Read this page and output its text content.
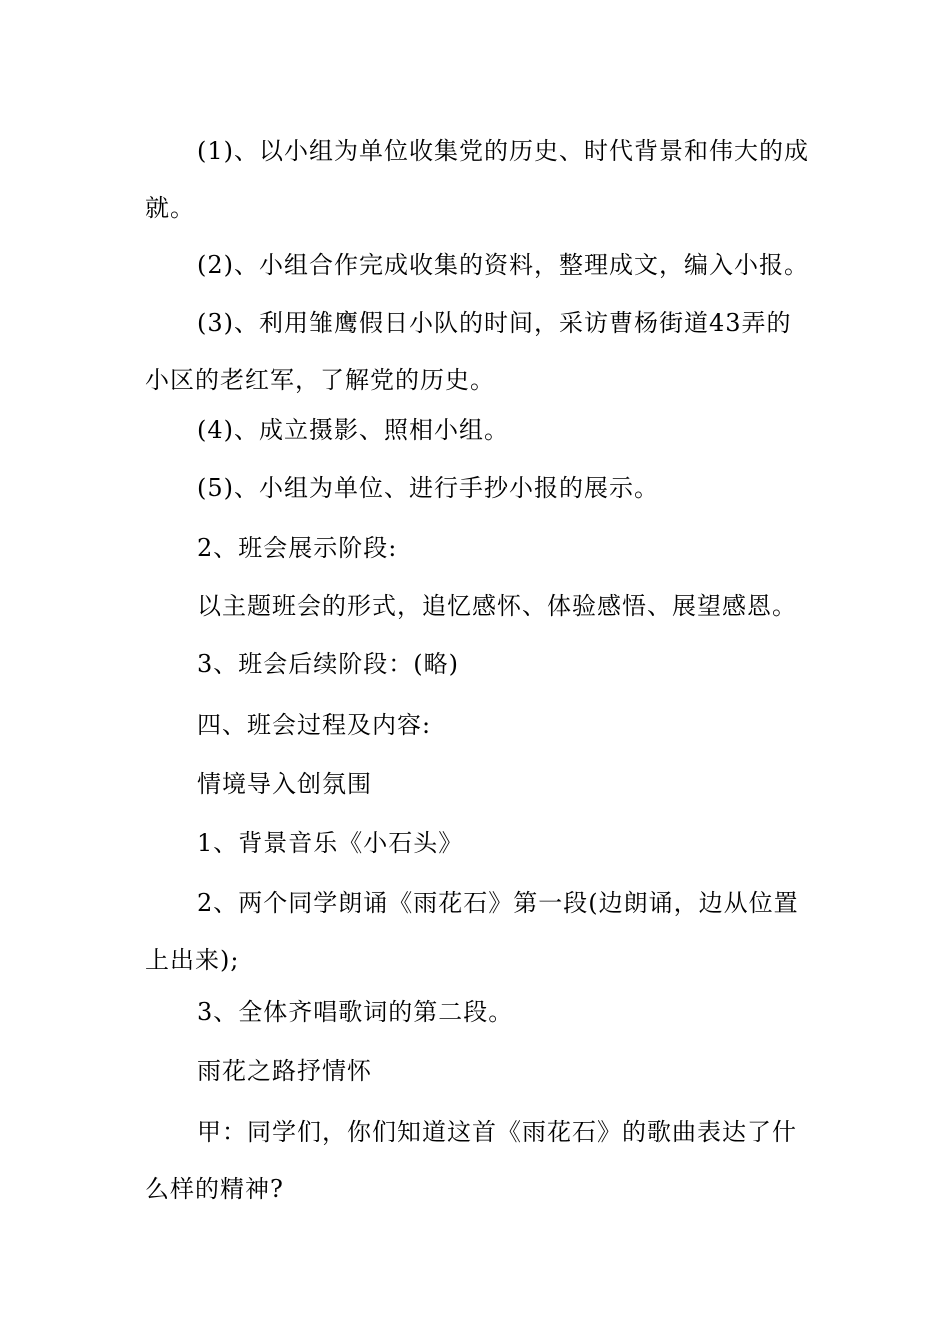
(1)、以小组为单位收集党的历史、时代背景和伟大的成就。

(2)、小组合作完成收集的资料，整理成文，编入小报。

(3)、利用雏鹰假日小队的时间，采访曹杨街道43弄的小区的老红军，了解党的历史。

(4)、成立摄影、照相小组。

(5)、小组为单位、进行手抄小报的展示。

2、班会展示阶段:

以主题班会的形式，追忆感怀、体验感悟、展望感恩。

3、班会后续阶段：(略)

四、班会过程及内容:

情境导入创氛围

1、背景音乐《小石头》

2、两个同学朗诵《雨花石》第一段(边朗诵，边从位置上出来);

3、全体齐唱歌词的第二段。

雨花之路抒情怀

甲：同学们，你们知道这首《雨花石》的歌曲表达了什么样的精神?
